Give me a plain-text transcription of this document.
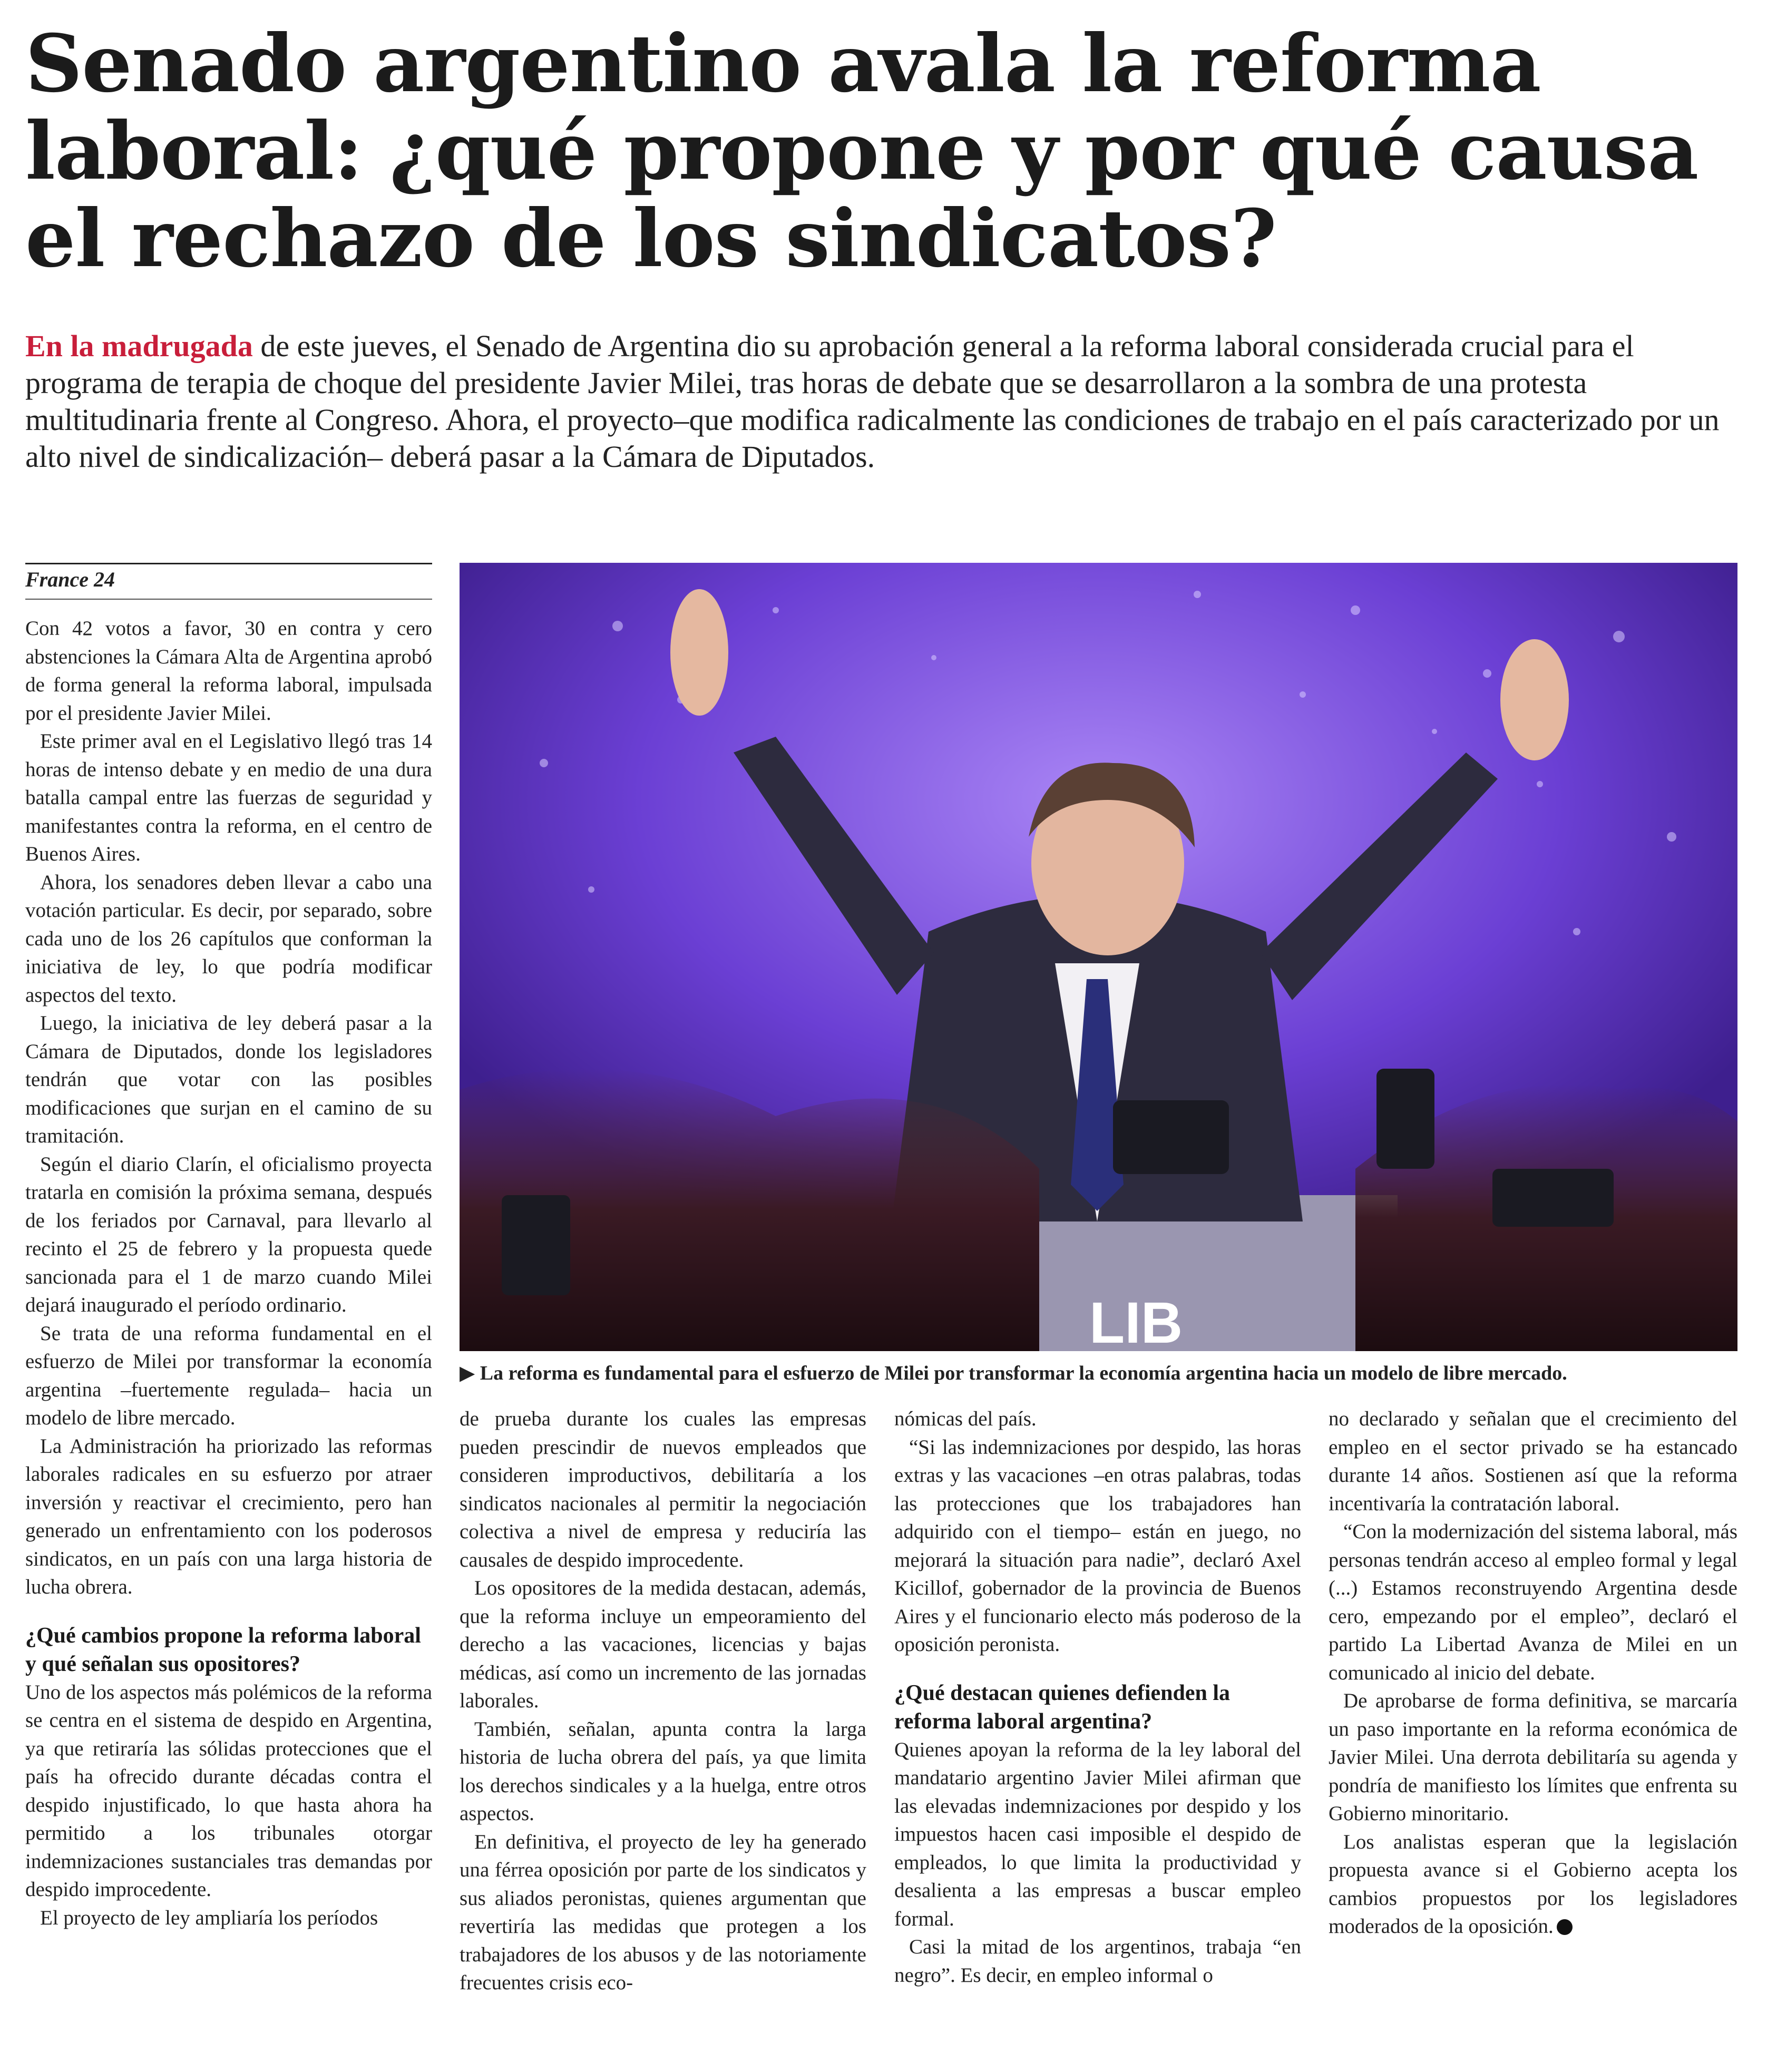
Senado argentino avala la reforma laboral: ¿qué propone y por qué causa el rechazo de los sindicatos?

En la madrugada de este jueves, el Senado de Argentina dio su aprobación general a la reforma laboral considerada crucial para el programa de terapia de choque del presidente Javier Milei, tras horas de debate que se desarrollaron a la sombra de una protesta multitudinaria frente al Congreso. Ahora, el proyecto–que modifica radicalmente las condiciones de trabajo en el país caracterizado por un alto nivel de sindicalización– deberá pasar a la Cámara de Diputados.

France 24
LIB

▶ La reforma es fundamental para el esfuerzo de Milei por transformar la economía argentina hacia un modelo de libre mercado.

Con 42 votos a favor, 30 en contra y cero abstenciones la Cámara Alta de Argentina aprobó de forma general la reforma laboral, impulsada por el presidente Javier Milei.

Este primer aval en el Legislativo llegó tras 14 horas de intenso debate y en medio de una dura batalla campal entre las fuerzas de seguridad y manifestantes contra la reforma, en el centro de Buenos Aires.

Ahora, los senadores deben llevar a cabo una votación particular. Es decir, por separado, sobre cada uno de los 26 capítulos que conforman la iniciativa de ley, lo que podría modificar aspectos del texto.

Luego, la iniciativa de ley deberá pasar a la Cámara de Diputados, donde los legisladores tendrán que votar con las posibles modificaciones que surjan en el camino de su tramitación.

Según el diario Clarín, el oficialismo proyecta tratarla en comisión la próxima semana, después de los feriados por Carnaval, para llevarlo al recinto el 25 de febrero y la propuesta quede sancionada para el 1 de marzo cuando Milei dejará inaugurado el período ordinario.

Se trata de una reforma fundamental en el esfuerzo de Milei por transformar la economía argentina –fuertemente regulada– hacia un modelo de libre mercado.

La Administración ha priorizado las reformas laborales radicales en su esfuerzo por atraer inversión y reactivar el crecimiento, pero han generado un enfrentamiento con los poderosos sindicatos, en un país con una larga historia de lucha obrera.

¿Qué cambios propone la reforma laboral y qué señalan sus opositores?

Uno de los aspectos más polémicos de la reforma se centra en el sistema de despido en Argentina, ya que retiraría las sólidas protecciones que el país ha ofrecido durante décadas contra el despido injustificado, lo que hasta ahora ha permitido a los tribunales otorgar indemnizaciones sustanciales tras demandas por despido improcedente.

El proyecto de ley ampliaría los períodos

de prueba durante los cuales las empresas pueden prescindir de nuevos empleados que consideren improductivos, debilitaría a los sindicatos nacionales al permitir la negociación colectiva a nivel de empresa y reduciría las causales de despido improcedente.

Los opositores de la medida destacan, además, que la reforma incluye un empeoramiento del derecho a las vacaciones, licencias y bajas médicas, así como un incremento de las jornadas laborales.

También, señalan, apunta contra la larga historia de lucha obrera del país, ya que limita los derechos sindicales y a la huelga, entre otros aspectos.

En definitiva, el proyecto de ley ha generado una férrea oposición por parte de los sindicatos y sus aliados peronistas, quienes argumentan que revertiría las medidas que protegen a los trabajadores de los abusos y de las notoriamente frecuentes crisis eco-

nómicas del país.

“Si las indemnizaciones por despido, las horas extras y las vacaciones –en otras palabras, todas las protecciones que los trabajadores han adquirido con el tiempo– están en juego, no mejorará la situación para nadie”, declaró Axel Kicillof, gobernador de la provincia de Buenos Aires y el funcionario electo más poderoso de la oposición peronista.

¿Qué destacan quienes defienden la reforma laboral argentina?

Quienes apoyan la reforma de la ley laboral del mandatario argentino Javier Milei afirman que las elevadas indemnizaciones por despido y los impuestos hacen casi imposible el despido de empleados, lo que limita la productividad y desalienta a las empresas a buscar empleo formal.

Casi la mitad de los argentinos, trabaja “en negro”. Es decir, en empleo informal o

no declarado y señalan que el crecimiento del empleo en el sector privado se ha estancado durante 14 años. Sostienen así que la reforma incentivaría la contratación laboral.

“Con la modernización del sistema laboral, más personas tendrán acceso al empleo formal y legal (...) Estamos reconstruyendo Argentina desde cero, empezando por el empleo”, declaró el partido La Libertad Avanza de Milei en un comunicado al inicio del debate.

De aprobarse de forma definitiva, se marcaría un paso importante en la reforma económica de Javier Milei. Una derrota debilitaría su agenda y pondría de manifiesto los límites que enfrenta su Gobierno minoritario.

Los analistas esperan que la legislación propuesta avance si el Gobierno acepta los cambios propuestos por los legisladores moderados de la oposición.
